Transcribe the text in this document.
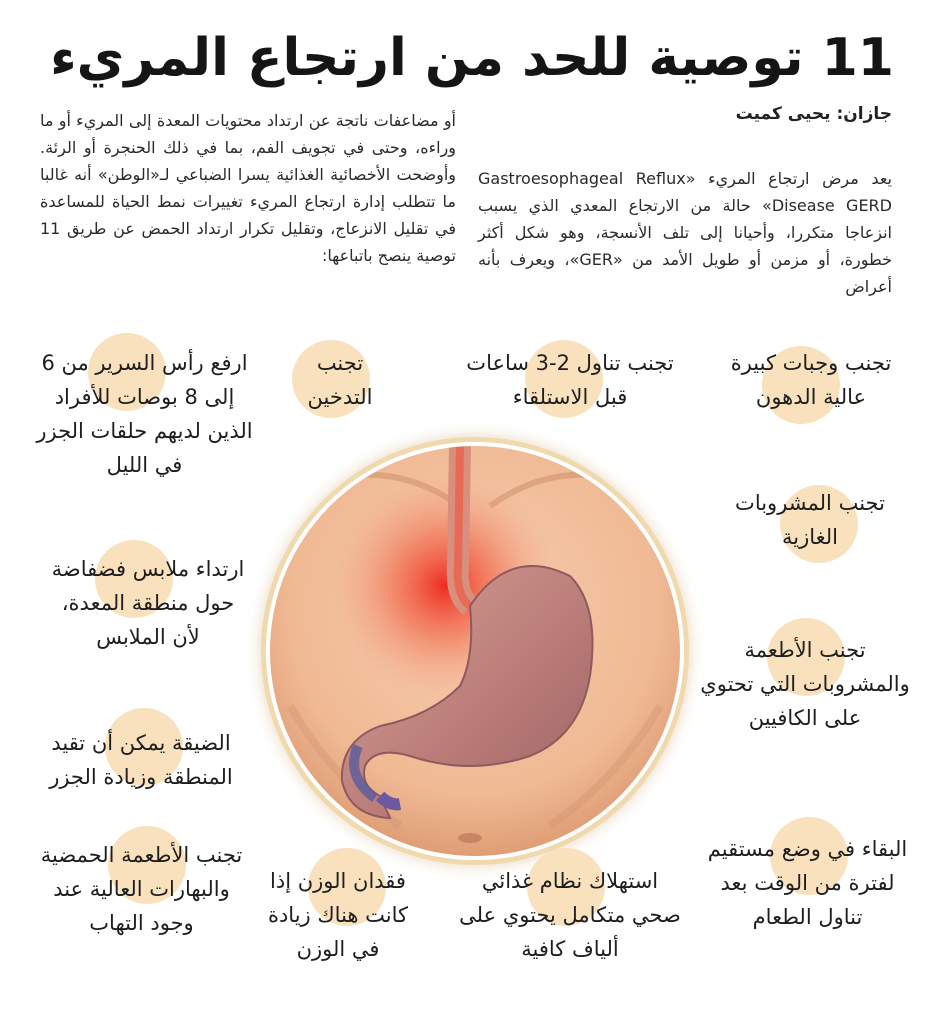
11 توصية للحد من ارتجاع المريء
جازان: يحيى كميت
يعد مرض ارتجاع المريء «Gastroesophageal Reflux Disease GERD» حالة من الارتجاع المعدي الذي يسبب انزعاجا متكررا، وأحيانا إلى تلف الأنسجة، وهو شكل أكثر خطورة، أو مزمن أو طويل الأمد من «GER»، ويعرف بأنه أعراض
أو مضاعفات ناتجة عن ارتداد محتويات المعدة إلى المريء أو ما وراءه، وحتى في تجويف الفم، بما في ذلك الحنجرة أو الرئة. وأوضحت الأخصائية الغذائية يسرا الضباعي لـ«الوطن» أنه غالبا ما تتطلب إدارة ارتجاع المريء تغييرات نمط الحياة للمساعدة في تقليل الانزعاج، وتقليل تكرار ارتداد الحمض عن طريق 11 توصية ينصح باتباعها:
تجنب وجبات كبيرة عالية الدهون
تجنب تناول 2-3 ساعات قبل الاستلقاء
تجنب التدخين
ارفع رأس السرير من 6 إلى 8 بوصات للأفراد الذين لديهم حلقات الجزر في الليل
تجنب المشروبات الغازية
ارتداء ملابس فضفاضة حول منطقة المعدة، لأن الملابس
تجنب الأطعمة والمشروبات التي تحتوي على الكافيين
الضيقة يمكن أن تقيد المنطقة وزيادة الجزر
البقاء في وضع مستقيم لفترة من الوقت بعد تناول الطعام
استهلاك نظام غذائي صحي متكامل يحتوي على ألياف كافية
فقدان الوزن إذا كانت هناك زيادة في الوزن
تجنب الأطعمة الحمضية والبهارات العالية عند وجود التهاب
